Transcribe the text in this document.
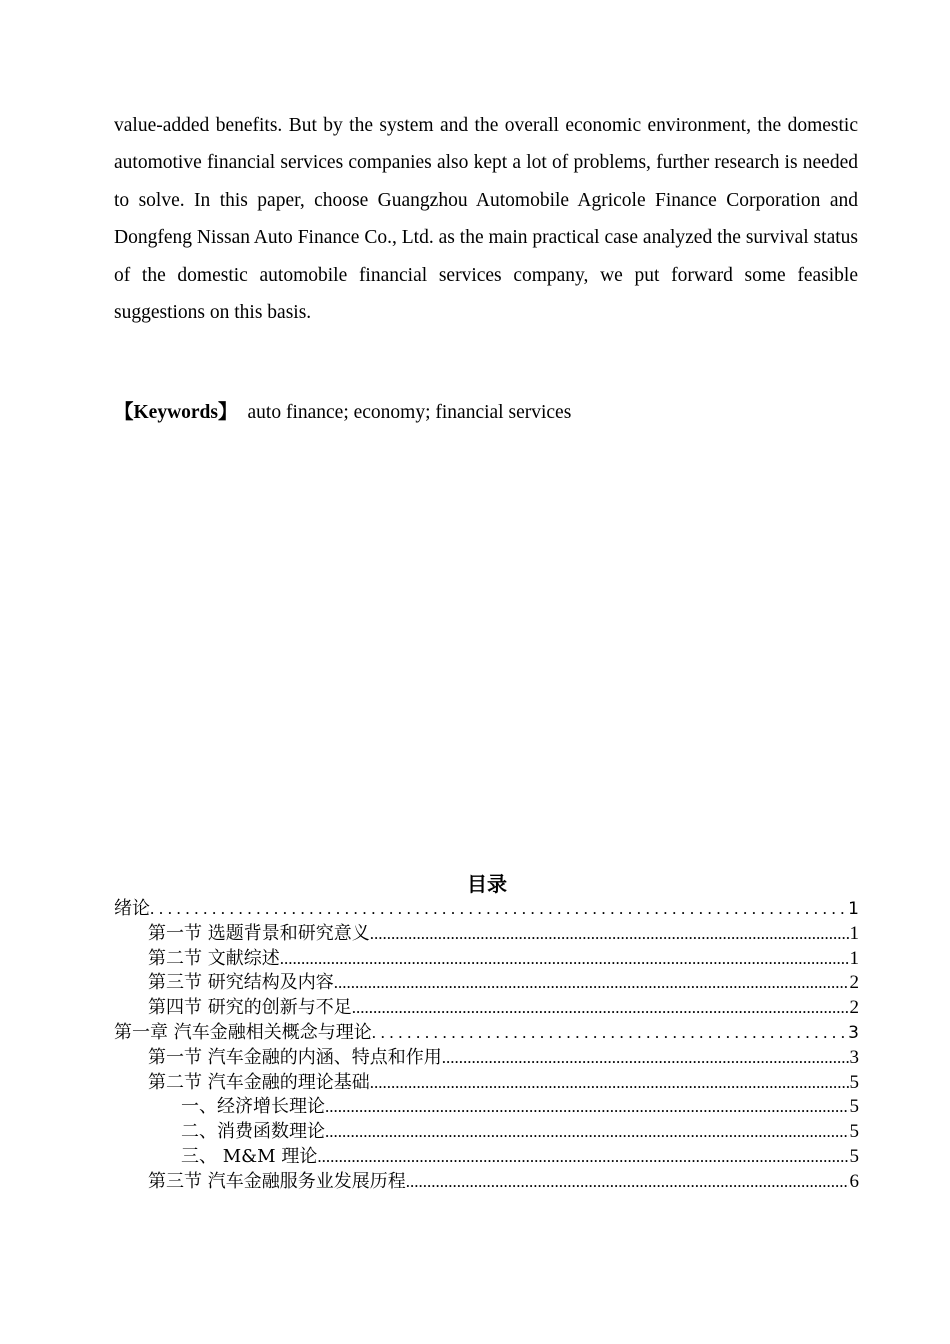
value-added benefits. But by the system and the overall economic environment, the domestic automotive financial services companies also kept a lot of problems, further research is needed to solve. In this paper, choose Guangzhou Automobile Agricole Finance Corporation and Dongfeng Nissan Auto Finance Co., Ltd. as the main practical case analyzed the survival status of the domestic automobile financial services company, we put forward some feasible suggestions on this basis.

【Keywords】 auto finance; economy; financial services

目录
绪论 .....	1
第一节 选题背景和研究意义 .....	1
第二节 文献综述 .....	1
第三节 研究结构及内容 .....	2
第四节 研究的创新与不足 .....	2
第一章 汽车金融相关概念与理论 .....	3
第一节 汽车金融的内涵、特点和作用 .....	3
第二节 汽车金融的理论基础 .....	5
一、经济增长理论 .....	5
二、消费函数理论 .....	5
三、 M&M 理论 .....	5
第三节 汽车金融服务业发展历程 .....	6
